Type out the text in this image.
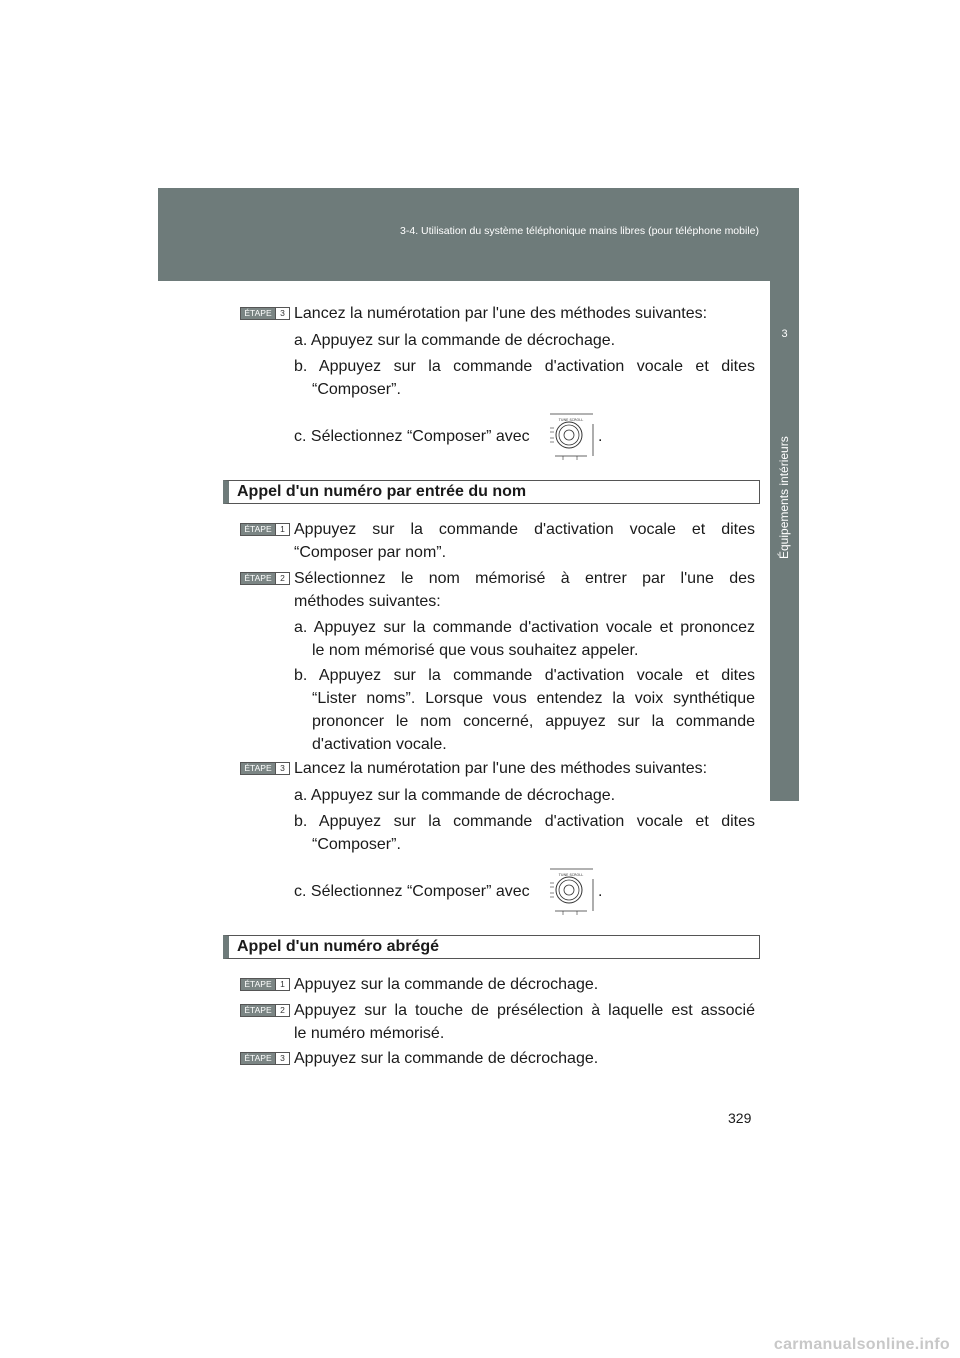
3-4. Utilisation du système téléphonique mains libres (pour téléphone mobile)
3
Équipements intérieurs
ÉTAPE	3 Lancez la numérotation par l'une des méthodes suivantes:
a. Appuyez sur la commande de décrochage.
b. Appuyez sur la commande d'activation vocale et dites
“Composer”.
c. Sélectionnez “Composer” avec
TUNE SCROLL
.
Appel d'un numéro par entrée du nom
ÉTAPE	1 Appuyez sur la commande d'activation vocale et dites
“Composer par nom”.
ÉTAPE	2 Sélectionnez le nom mémorisé à entrer par l'une des
méthodes suivantes:
a. Appuyez sur la commande d'activation vocale et prononcez
le nom mémorisé que vous souhaitez appeler.
b. Appuyez sur la commande d'activation vocale et dites
“Lister noms”. Lorsque vous entendez la voix synthétique
prononcer le nom concerné, appuyez sur la commande
d'activation vocale.
ÉTAPE	3 Lancez la numérotation par l'une des méthodes suivantes:
a. Appuyez sur la commande de décrochage.
b. Appuyez sur la commande d'activation vocale et dites
“Composer”.
c. Sélectionnez “Composer” avec
TUNE SCROLL
.
Appel d'un numéro abrégé
ÉTAPE	1 Appuyez sur la commande de décrochage.
ÉTAPE	2 Appuyez sur la touche de présélection à laquelle est associé
le numéro mémorisé.
ÉTAPE	3 Appuyez sur la commande de décrochage.
329
carmanualsonline.info
